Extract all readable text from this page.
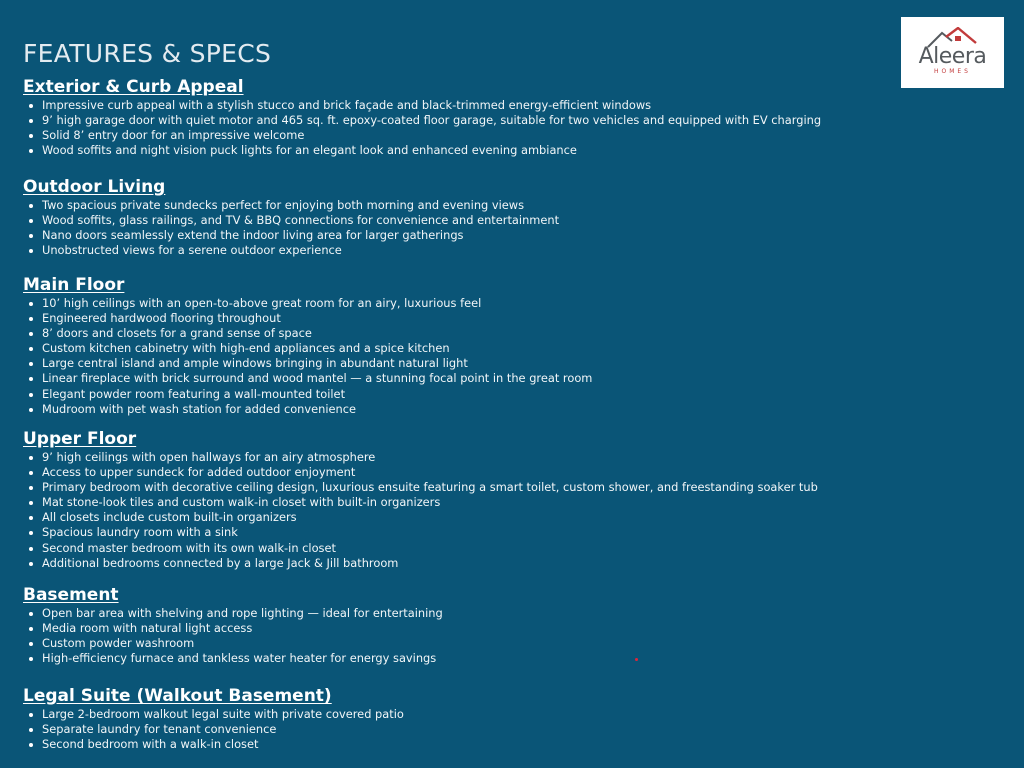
FEATURES & SPECS	Aleera
HOMES
Exterior & Curb Appeal
Impressive curb appeal with a stylish stucco and brick façade and black-trimmed energy-efficient windows
9’ high garage door with quiet motor and 465 sq. ft. epoxy-coated floor garage, suitable for two vehicles and equipped with EV charging
Solid 8’ entry door for an impressive welcome
Wood soffits and night vision puck lights for an elegant look and enhanced evening ambiance
Outdoor Living
Two spacious private sundecks perfect for enjoying both morning and evening views
Wood soffits, glass railings, and TV & BBQ connections for convenience and entertainment
Nano doors seamlessly extend the indoor living area for larger gatherings
Unobstructed views for a serene outdoor experience
Main Floor
10’ high ceilings with an open-to-above great room for an airy, luxurious feel
Engineered hardwood flooring throughout
8’ doors and closets for a grand sense of space
Custom kitchen cabinetry with high-end appliances and a spice kitchen
Large central island and ample windows bringing in abundant natural light
Linear fireplace with brick surround and wood mantel — a stunning focal point in the great room
Elegant powder room featuring a wall-mounted toilet
Mudroom with pet wash station for added convenience
Upper Floor
9’ high ceilings with open hallways for an airy atmosphere
Access to upper sundeck for added outdoor enjoyment
Primary bedroom with decorative ceiling design, luxurious ensuite featuring a smart toilet, custom shower, and freestanding soaker tub
Mat stone-look tiles and custom walk-in closet with built-in organizers
All closets include custom built-in organizers
Spacious laundry room with a sink
Second master bedroom with its own walk-in closet
Additional bedrooms connected by a large Jack & Jill bathroom
Basement
Open bar area with shelving and rope lighting — ideal for entertaining
Media room with natural light access
Custom powder washroom
High-efficiency furnace and tankless water heater for energy savings
Legal Suite (Walkout Basement)
Large 2-bedroom walkout legal suite with private covered patio
Separate laundry for tenant convenience
Second bedroom with a walk-in closet
